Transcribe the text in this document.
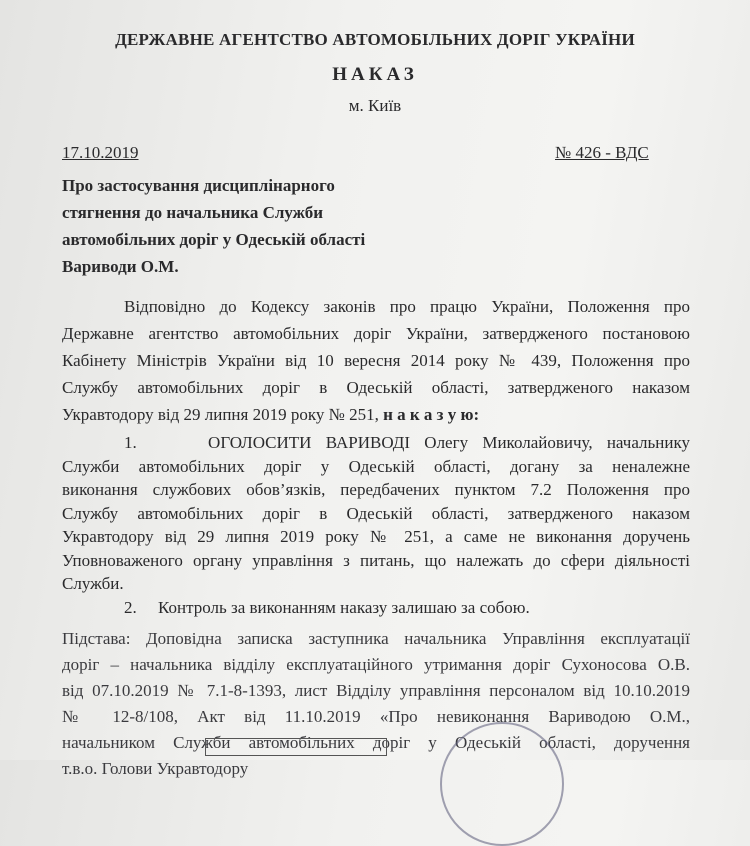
ДЕРЖАВНЕ АГЕНТСТВО АВТОМОБІЛЬНИХ ДОРІГ УКРАЇНИ
НАКАЗ
м. Київ
17.10.2019	№ 426 - ВДС
Про застосування дисциплінарного
стягнення до начальника Служби
автомобільних доріг у Одеській області
Вариводи О.М.
Відповідно до Кодексу законів про працю України, Положення про
Державне агентство автомобільних доріг України, затвердженого постановою
Кабінету Міністрів України від 10 вересня 2014 року № 439, Положення про
Службу автомобільних доріг в Одеській області, затвердженого наказом
Укравтодору від 29 липня 2019 року № 251, н а к а з у ю:
1.     ОГОЛОСИТИ ВАРИВОДІ Олегу Миколайовичу, начальнику
Служби автомобільних доріг у Одеській області, догану за неналежне
виконання службових обов’язків, передбачених пунктом 7.2 Положення про
Службу автомобільних доріг в Одеській області, затвердженого наказом
Укравтодору від 29 липня 2019 року № 251, а саме не виконання доручень
Уповноваженого органу управління з питань, що належать до сфери діяльності
Служби.
2.     Контроль за виконанням наказу залишаю за собою.
Підстава: Доповідна записка заступника начальника Управління експлуатації
доріг – начальника відділу експлуатаційного утримання доріг Сухоносова О.В.
від 07.10.2019 № 7.1-8-1393, лист Відділу управління персоналом від 10.10.2019
№ 12-8/108, Акт від 11.10.2019 «Про невиконання Вариводою О.М.,
начальником Служби автомобільних доріг у Одеській області, доручення
т.в.о. Голови Укравтодору
